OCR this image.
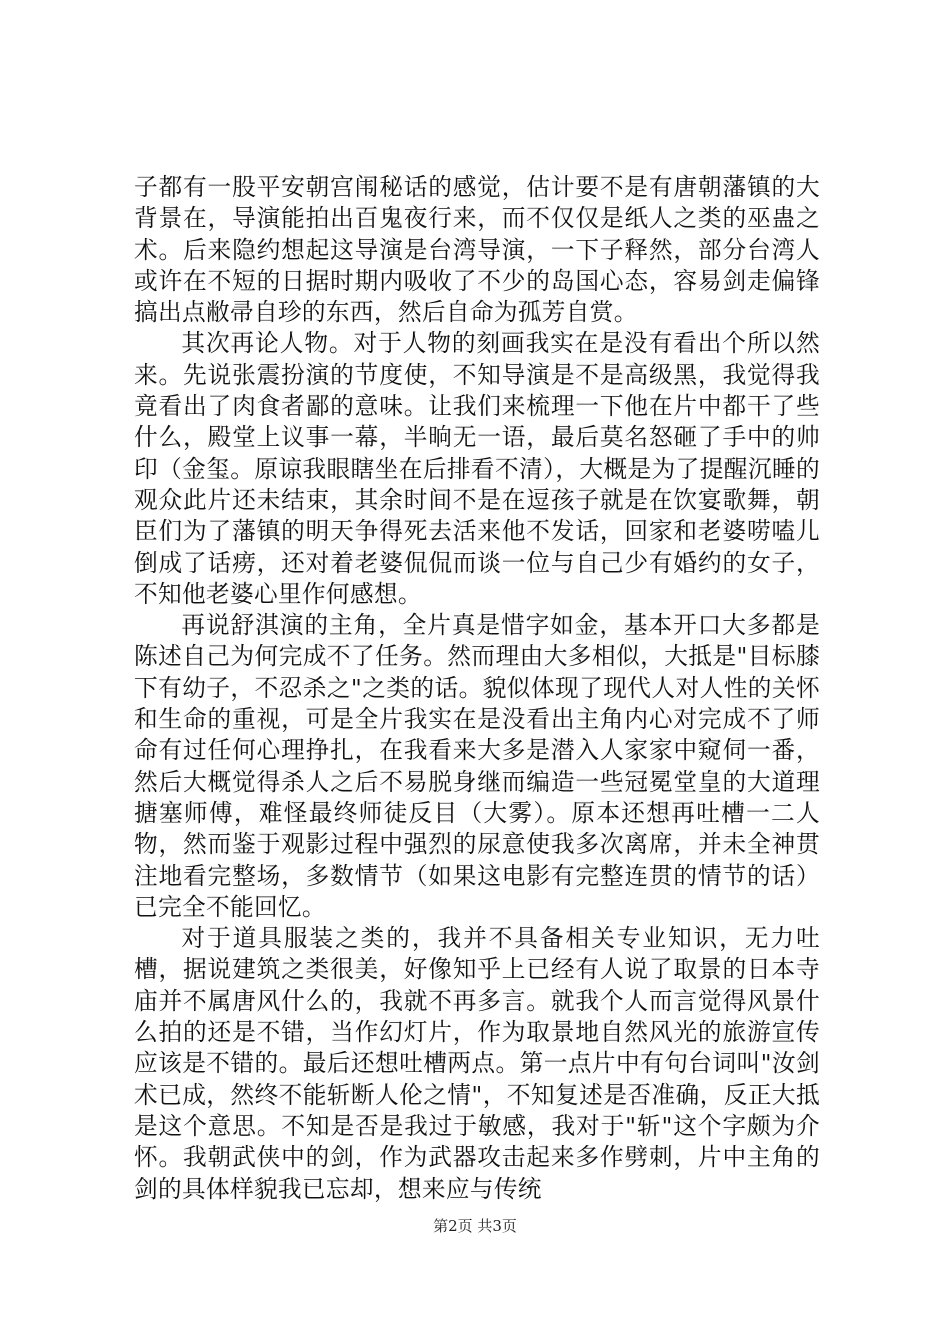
子都有一股平安朝宫闱秘话的感觉，估计要不是有唐朝藩镇的大背景在，导演能拍出百鬼夜行来，而不仅仅是纸人之类的巫蛊之术。后来隐约想起这导演是台湾导演，一下子释然，部分台湾人或许在不短的日据时期内吸收了不少的岛国心态，容易剑走偏锋搞出点敝帚自珍的东西，然后自命为孤芳自赏。

其次再论人物。对于人物的刻画我实在是没有看出个所以然来。先说张震扮演的节度使，不知导演是不是高级黑，我觉得我竟看出了肉食者鄙的意味。让我们来梳理一下他在片中都干了些什么，殿堂上议事一幕，半晌无一语，最后莫名怒砸了手中的帅印（金玺。原谅我眼瞎坐在后排看不清），大概是为了提醒沉睡的观众此片还未结束，其余时间不是在逗孩子就是在饮宴歌舞，朝臣们为了藩镇的明天争得死去活来他不发话，回家和老婆唠嗑儿倒成了话痨，还对着老婆侃侃而谈一位与自己少有婚约的女子，不知他老婆心里作何感想。

再说舒淇演的主角，全片真是惜字如金，基本开口大多都是陈述自己为何完成不了任务。然而理由大多相似，大抵是"目标膝下有幼子，不忍杀之"之类的话。貌似体现了现代人对人性的关怀和生命的重视，可是全片我实在是没看出主角内心对完成不了师命有过任何心理挣扎，在我看来大多是潜入人家家中窥伺一番，然后大概觉得杀人之后不易脱身继而编造一些冠冕堂皇的大道理搪塞师傅，难怪最终师徒反目（大雾）。原本还想再吐槽一二人物，然而鉴于观影过程中强烈的尿意使我多次离席，并未全神贯注地看完整场，多数情节（如果这电影有完整连贯的情节的话）已完全不能回忆。

对于道具服装之类的，我并不具备相关专业知识，无力吐槽，据说建筑之类很美，好像知乎上已经有人说了取景的日本寺庙并不属唐风什么的，我就不再多言。就我个人而言觉得风景什么拍的还是不错，当作幻灯片，作为取景地自然风光的旅游宣传应该是不错的。最后还想吐槽两点。第一点片中有句台词叫"汝剑术已成，然终不能斩断人伦之情"，不知复述是否准确，反正大抵是这个意思。不知是否是我过于敏感，我对于"斩"这个字颇为介怀。我朝武侠中的剑，作为武器攻击起来多作劈刺，片中主角的剑的具体样貌我已忘却，想来应与传统

第2页 共3页
